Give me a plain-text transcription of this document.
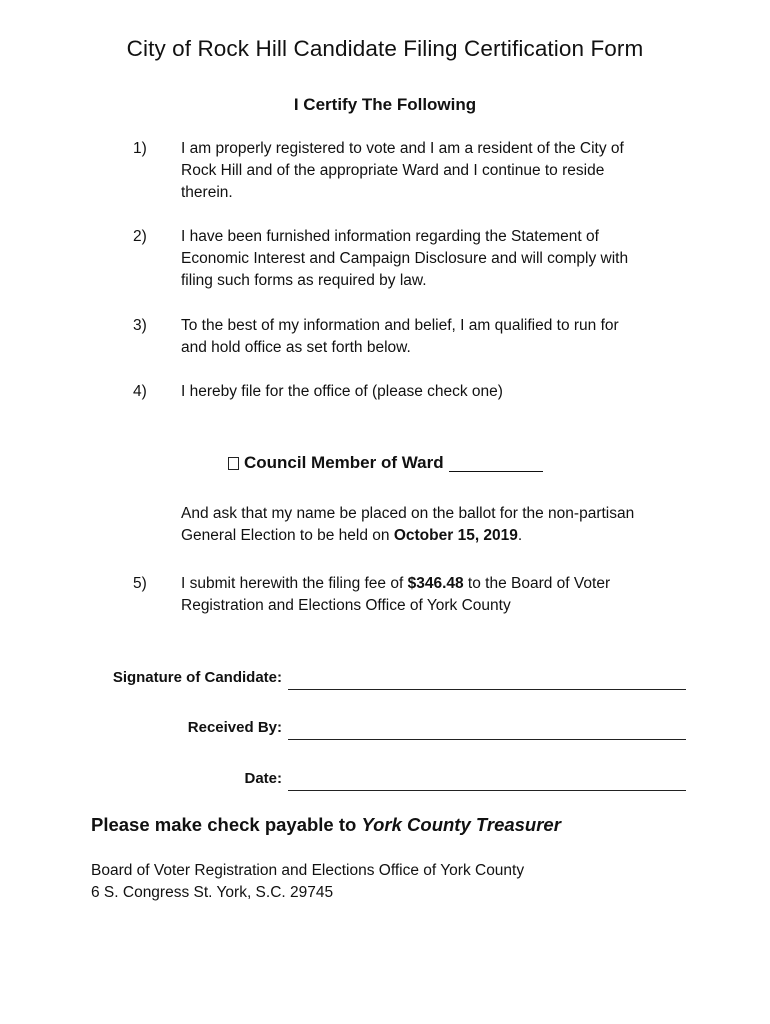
City of Rock Hill Candidate Filing Certification Form
I Certify The Following
1) I am properly registered to vote and I am a resident of the City of

Rock Hill and of the appropriate Ward and I continue to reside

therein.

2) I have been furnished information regarding the Statement of

Economic Interest and Campaign Disclosure and will comply with

filing such forms as required by law.

3) To the best of my information and belief, I am qualified to run for

and hold office as set forth below.

4) I hereby file for the office of (please check one)

Council Member of Ward
And ask that my name be placed on the ballot for the non-partisan
General Election to be held on October 15, 2019.
5) I submit herewith the filing fee of $346.48 to the Board of Voter

Registration and Elections Office of York County

Signature of Candidate:
Received By:
Date:
Please make check payable to York County Treasurer
Board of Voter Registration and Elections Office of York County
6 S. Congress St. York, S.C. 29745
